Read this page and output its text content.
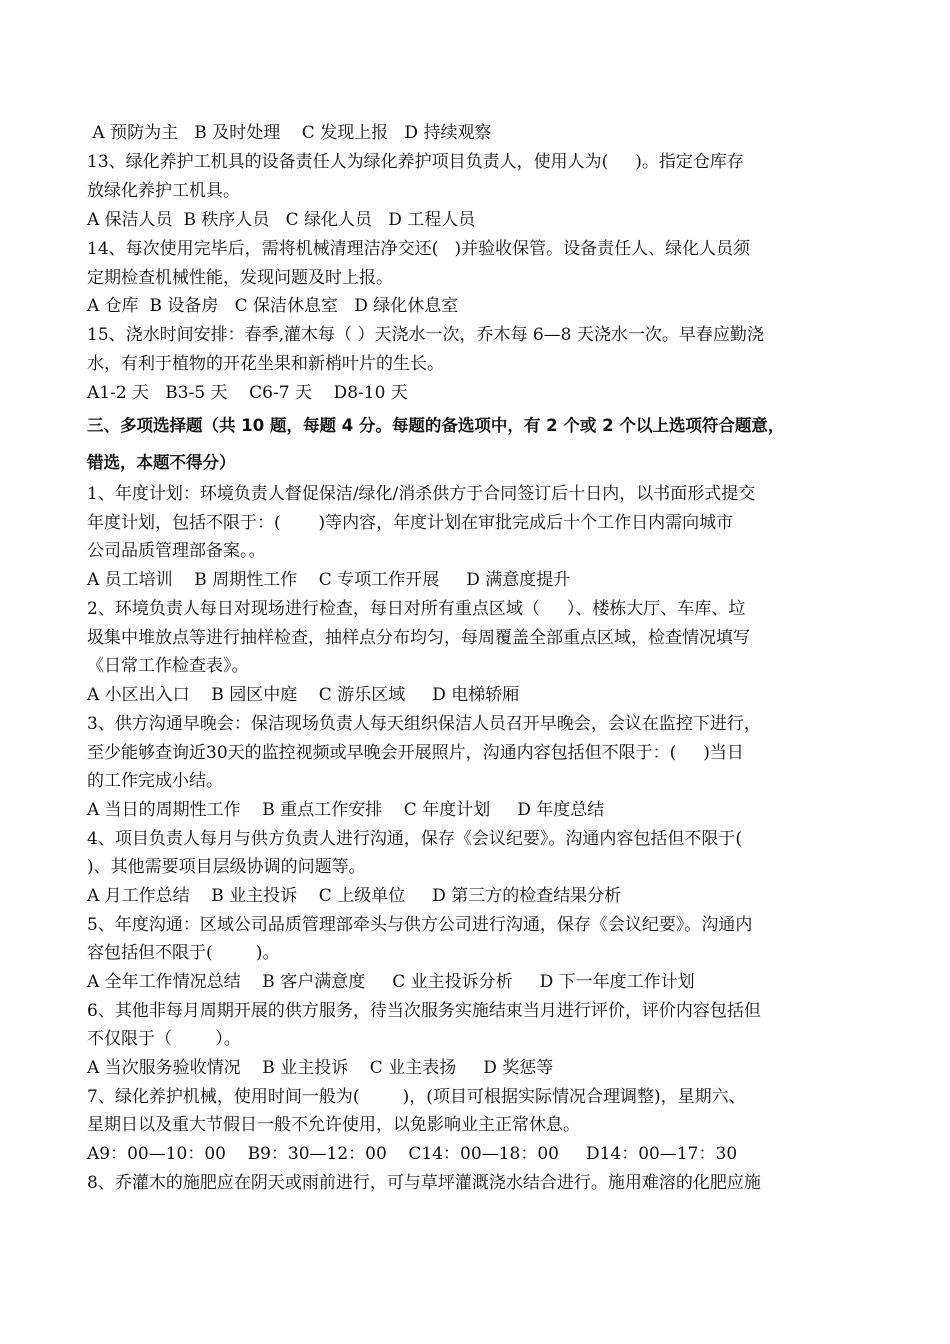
A 预防为主   B 及时处理    C 发现上报   D 持续观察
13、绿化养护工机具的设备责任人为绿化养护项目负责人，使用人为(     )。指定仓库存
放绿化养护工机具。
A 保洁人员  B 秩序人员   C 绿化人员   D 工程人员
14、每次使用完毕后，需将机械清理洁净交还(   )并验收保管。设备责任人、绿化人员须
定期检查机械性能，发现问题及时上报。
A 仓库  B 设备房   C 保洁休息室   D 绿化休息室
15、浇水时间安排：春季,灌木每（ ）天浇水一次，乔木每 6—8 天浇水一次。早春应勤浇
水，有利于植物的开花坐果和新梢叶片的生长。
A1-2 天   B3-5 天    C6-7 天    D8-10 天
三、多项选择题（共 10 题，每题 4 分。每题的备选项中，有 2 个或 2 个以上选项符合题意，
错选，本题不得分）
1、年度计划：环境负责人督促保洁/绿化/消杀供方于合同签订后十日内，以书面形式提交
年度计划，包括不限于：(       )等内容，年度计划在审批完成后十个工作日内需向城市
公司品质管理部备案。。
A 员工培训    B 周期性工作    C 专项工作开展     D 满意度提升
2、环境负责人每日对现场进行检查，每日对所有重点区域（     ）、楼栋大厅、车库、垃
圾集中堆放点等进行抽样检查，抽样点分布均匀，每周覆盖全部重点区域，检查情况填写
《日常工作检查表》。
A 小区出入口    B 园区中庭    C 游乐区域     D 电梯轿厢
3、供方沟通早晚会：保洁现场负责人每天组织保洁人员召开早晚会，会议在监控下进行，
至少能够查询近30天的监控视频或早晚会开展照片，沟通内容包括但不限于：(     )当日
的工作完成小结。
A 当日的周期性工作    B 重点工作安排    C 年度计划     D 年度总结
4、项目负责人每月与供方负责人进行沟通，保存《会议纪要》。沟通内容包括但不限于(
)、其他需要项目层级协调的问题等。
A 月工作总结    B 业主投诉    C 上级单位     D 第三方的检查结果分析
5、年度沟通：区域公司品质管理部牵头与供方公司进行沟通，保存《会议纪要》。沟通内
容包括但不限于(        )。
A 全年工作情况总结    B 客户满意度     C 业主投诉分析     D 下一年度工作计划
6、其他非每月周期开展的供方服务，待当次服务实施结束当月进行评价，评价内容包括但
不仅限于（        ）。
A 当次服务验收情况    B 业主投诉    C 业主表扬     D 奖惩等
7、绿化养护机械，使用时间一般为(        )，(项目可根据实际情况合理调整)，星期六、
星期日以及重大节假日一般不允许使用，以免影响业主正常休息。
A9：00—10：00    B9：30—12：00    C14：00—18：00     D14：00—17：30
8、乔灌木的施肥应在阴天或雨前进行，可与草坪灌溉浇水结合进行。施用难溶的化肥应施
